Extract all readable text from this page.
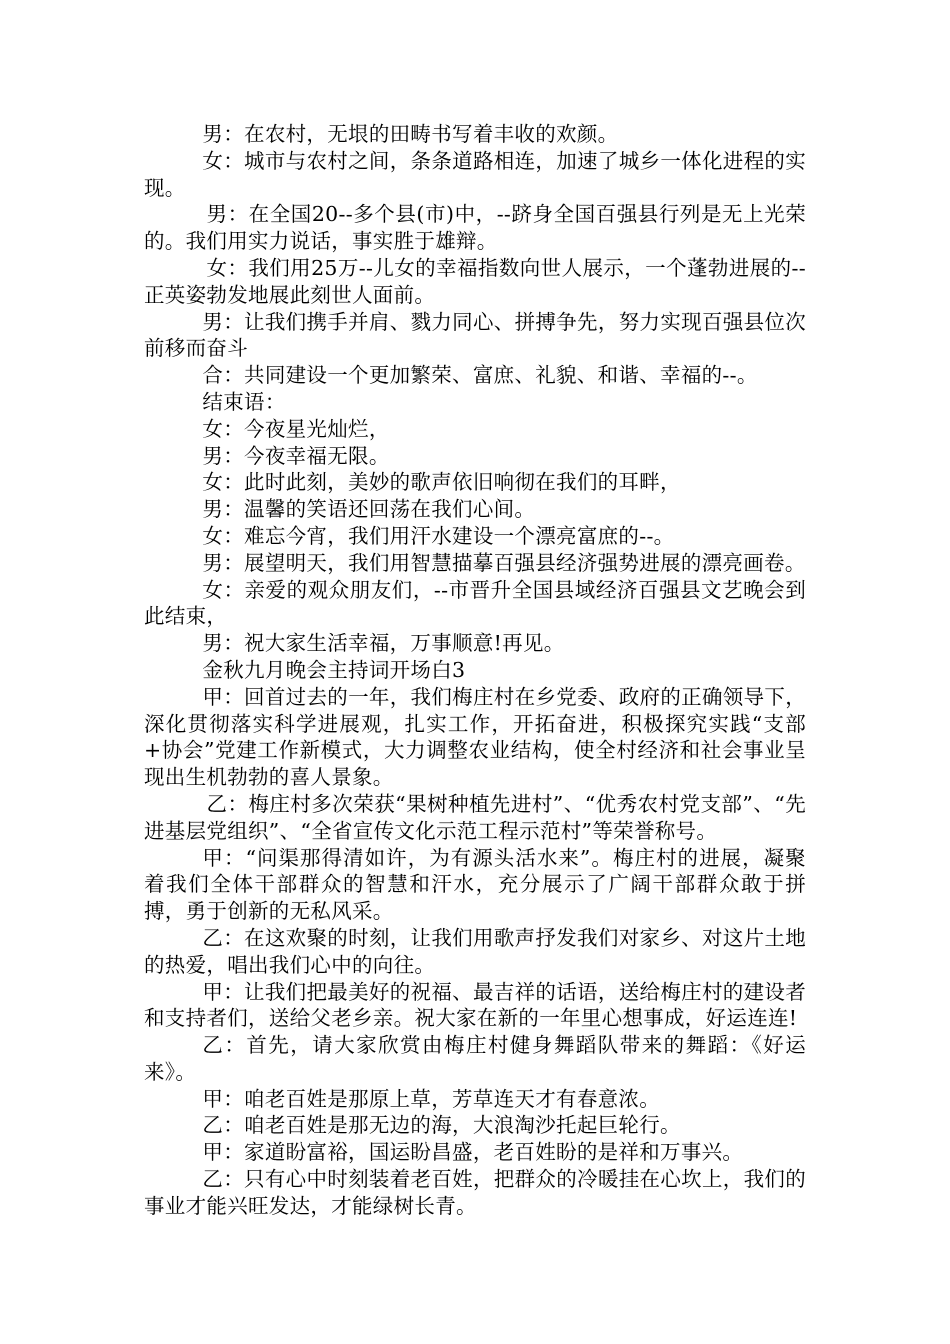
男：在农村，无垠的田畴书写着丰收的欢颜。

女：城市与农村之间，条条道路相连，加速了城乡一体化进程的实现。

男：在全国20--多个县(市)中，--跻身全国百强县行列是无上光荣的。我们用实力说话，事实胜于雄辩。

女：我们用25万--儿女的幸福指数向世人展示，一个蓬勃进展的--正英姿勃发地展此刻世人面前。

男：让我们携手并肩、戮力同心、拼搏争先，努力实现百强县位次前移而奋斗

合：共同建设一个更加繁荣、富庶、礼貌、和谐、幸福的--。

结束语：

女：今夜星光灿烂，

男：今夜幸福无限。

女：此时此刻，美妙的歌声依旧响彻在我们的耳畔，

男：温馨的笑语还回荡在我们心间。

女：难忘今宵，我们用汗水建设一个漂亮富庶的--。

男：展望明天，我们用智慧描摹百强县经济强势进展的漂亮画卷。

女：亲爱的观众朋友们，--市晋升全国县域经济百强县文艺晚会到此结束，

男：祝大家生活幸福，万事顺意!再见。

金秋九月晚会主持词开场白3

甲：回首过去的一年，我们梅庄村在乡党委、政府的正确领导下，深化贯彻落实科学进展观，扎实工作，开拓奋进，积极探究实践“支部+协会”党建工作新模式，大力调整农业结构，使全村经济和社会事业呈现出生机勃勃的喜人景象。

乙：梅庄村多次荣获“果树种植先进村”、“优秀农村党支部”、“先进基层党组织”、“全省宣传文化示范工程示范村”等荣誉称号。

甲：“问渠那得清如许，为有源头活水来”。梅庄村的进展，凝聚着我们全体干部群众的智慧和汗水，充分展示了广阔干部群众敢于拼搏，勇于创新的无私风采。

乙：在这欢聚的时刻，让我们用歌声抒发我们对家乡、对这片土地的热爱，唱出我们心中的向往。

甲：让我们把最美好的祝福、最吉祥的话语，送给梅庄村的建设者和支持者们，送给父老乡亲。祝大家在新的一年里心想事成，好运连连!

乙：首先，请大家欣赏由梅庄村健身舞蹈队带来的舞蹈：《好运来》。

甲：咱老百姓是那原上草，芳草连天才有春意浓。

乙：咱老百姓是那无边的海，大浪淘沙托起巨轮行。

甲：家道盼富裕，国运盼昌盛，老百姓盼的是祥和万事兴。

乙：只有心中时刻装着老百姓，把群众的冷暖挂在心坎上，我们的事业才能兴旺发达，才能绿树长青。
